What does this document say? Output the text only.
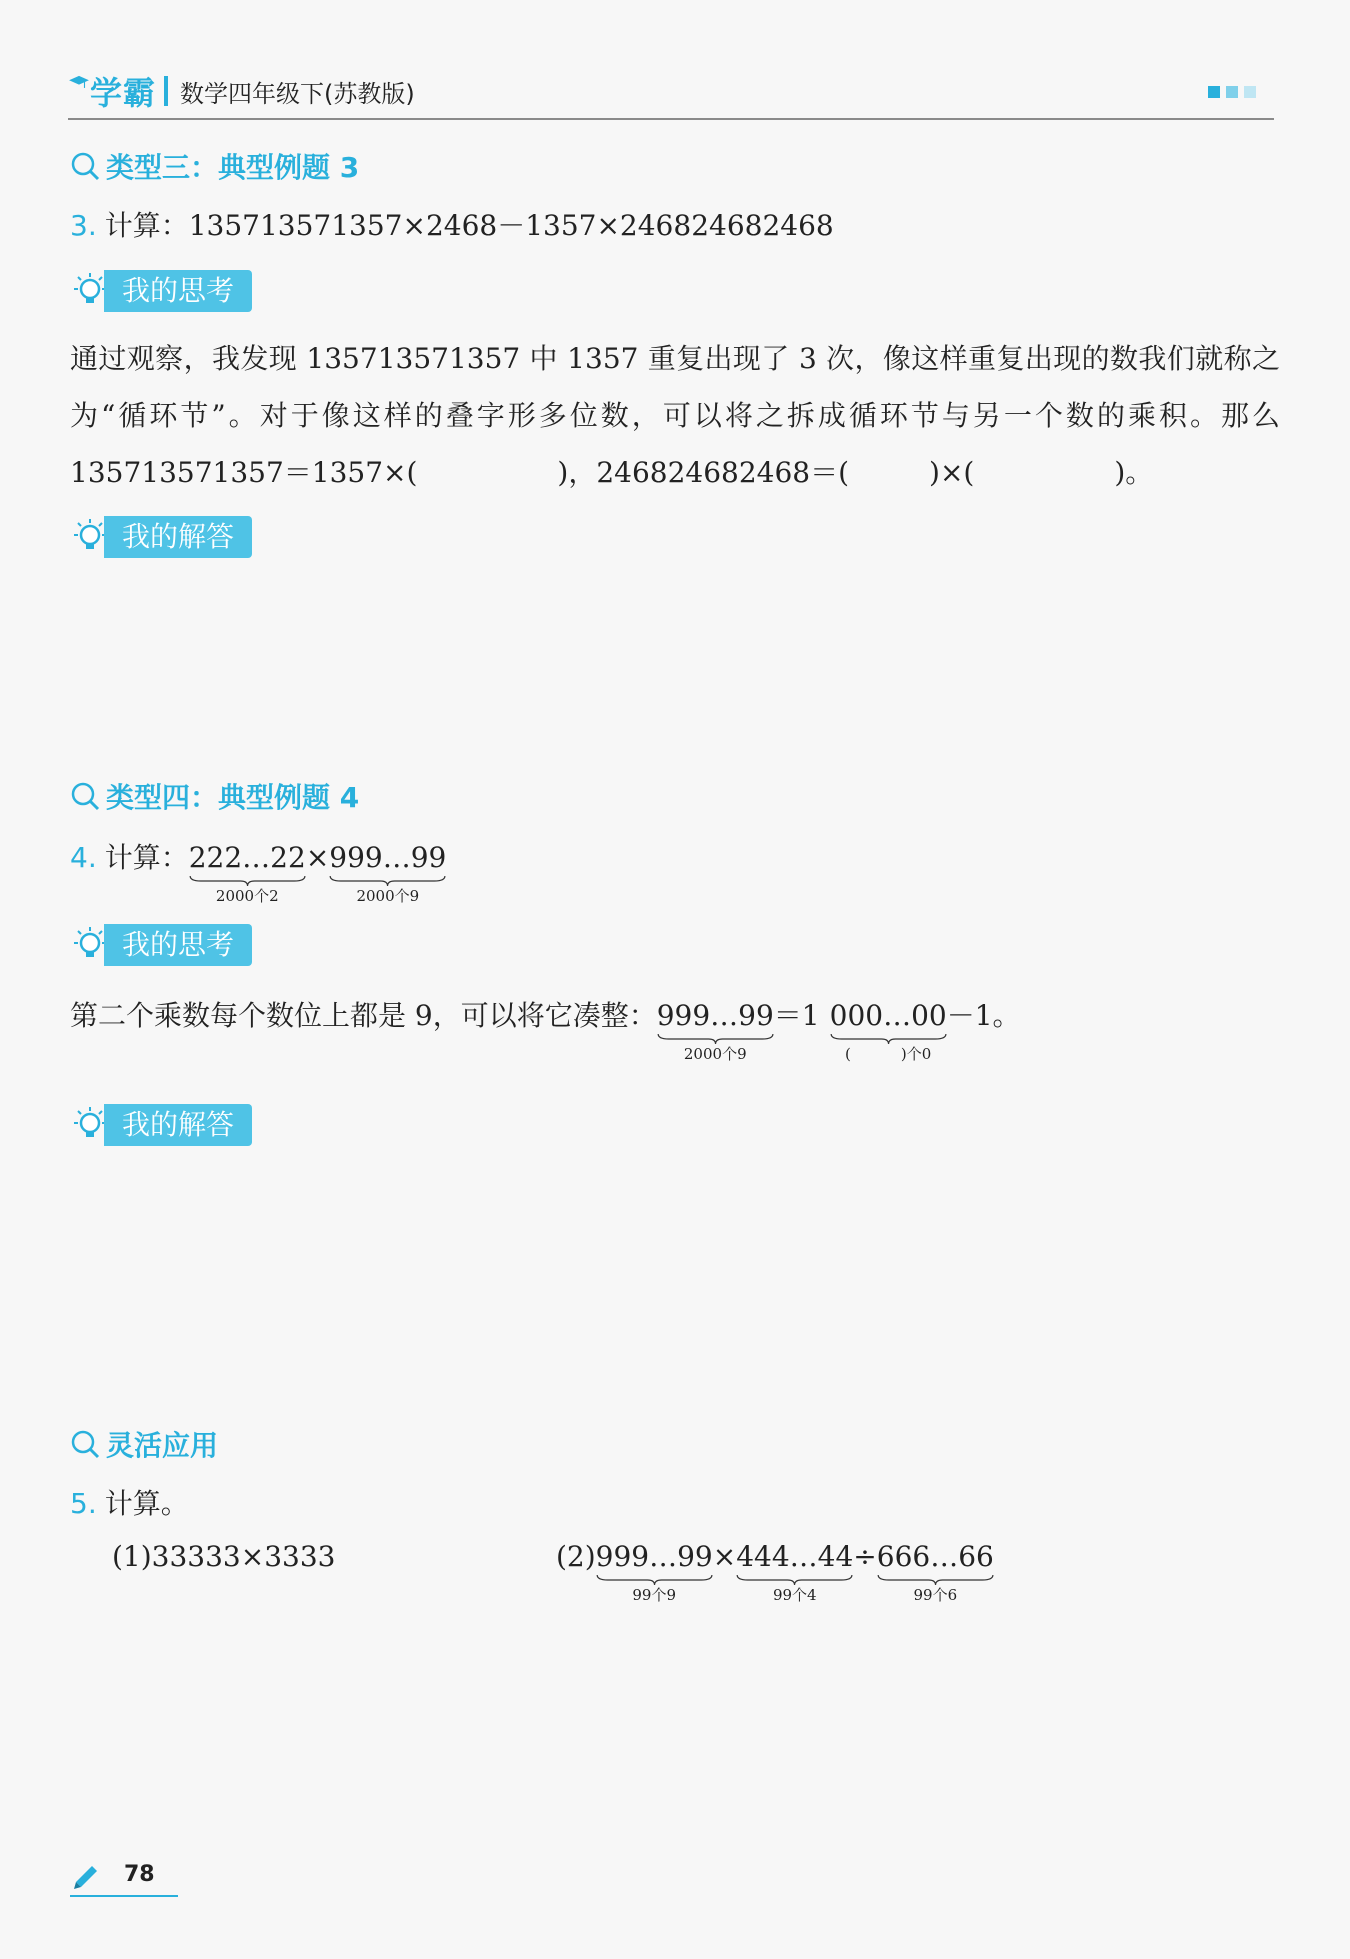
学霸 数学四年级下(苏教版)
类型三：典型例题 3
3. 计算：135713571357×2468－1357×246824682468
我的思考
通过观察，我发现 135713571357 中 1357 重复出现了 3 次，像这样重复出现的数我们就称之为“循环节”。对于像这样的叠字形多位数，可以将之拆成循环节与另一个数的乘积。那么 135713571357＝1357×(	)，246824682468＝(	)×(	)。
我的解答
类型四：典型例题 4
4. 计算：222…22
2000个2
×999…99
2000个9
我的思考
第二个乘数每个数位上都是 9，可以将它凑整：999…99
2000个9
＝1 000…00
(	)个0
－1。
我的解答
灵活应用
5. 计算。
(1)33333×3333	(2)999…99
99个9
×444…44
99个4
÷666…66
99个6
78
